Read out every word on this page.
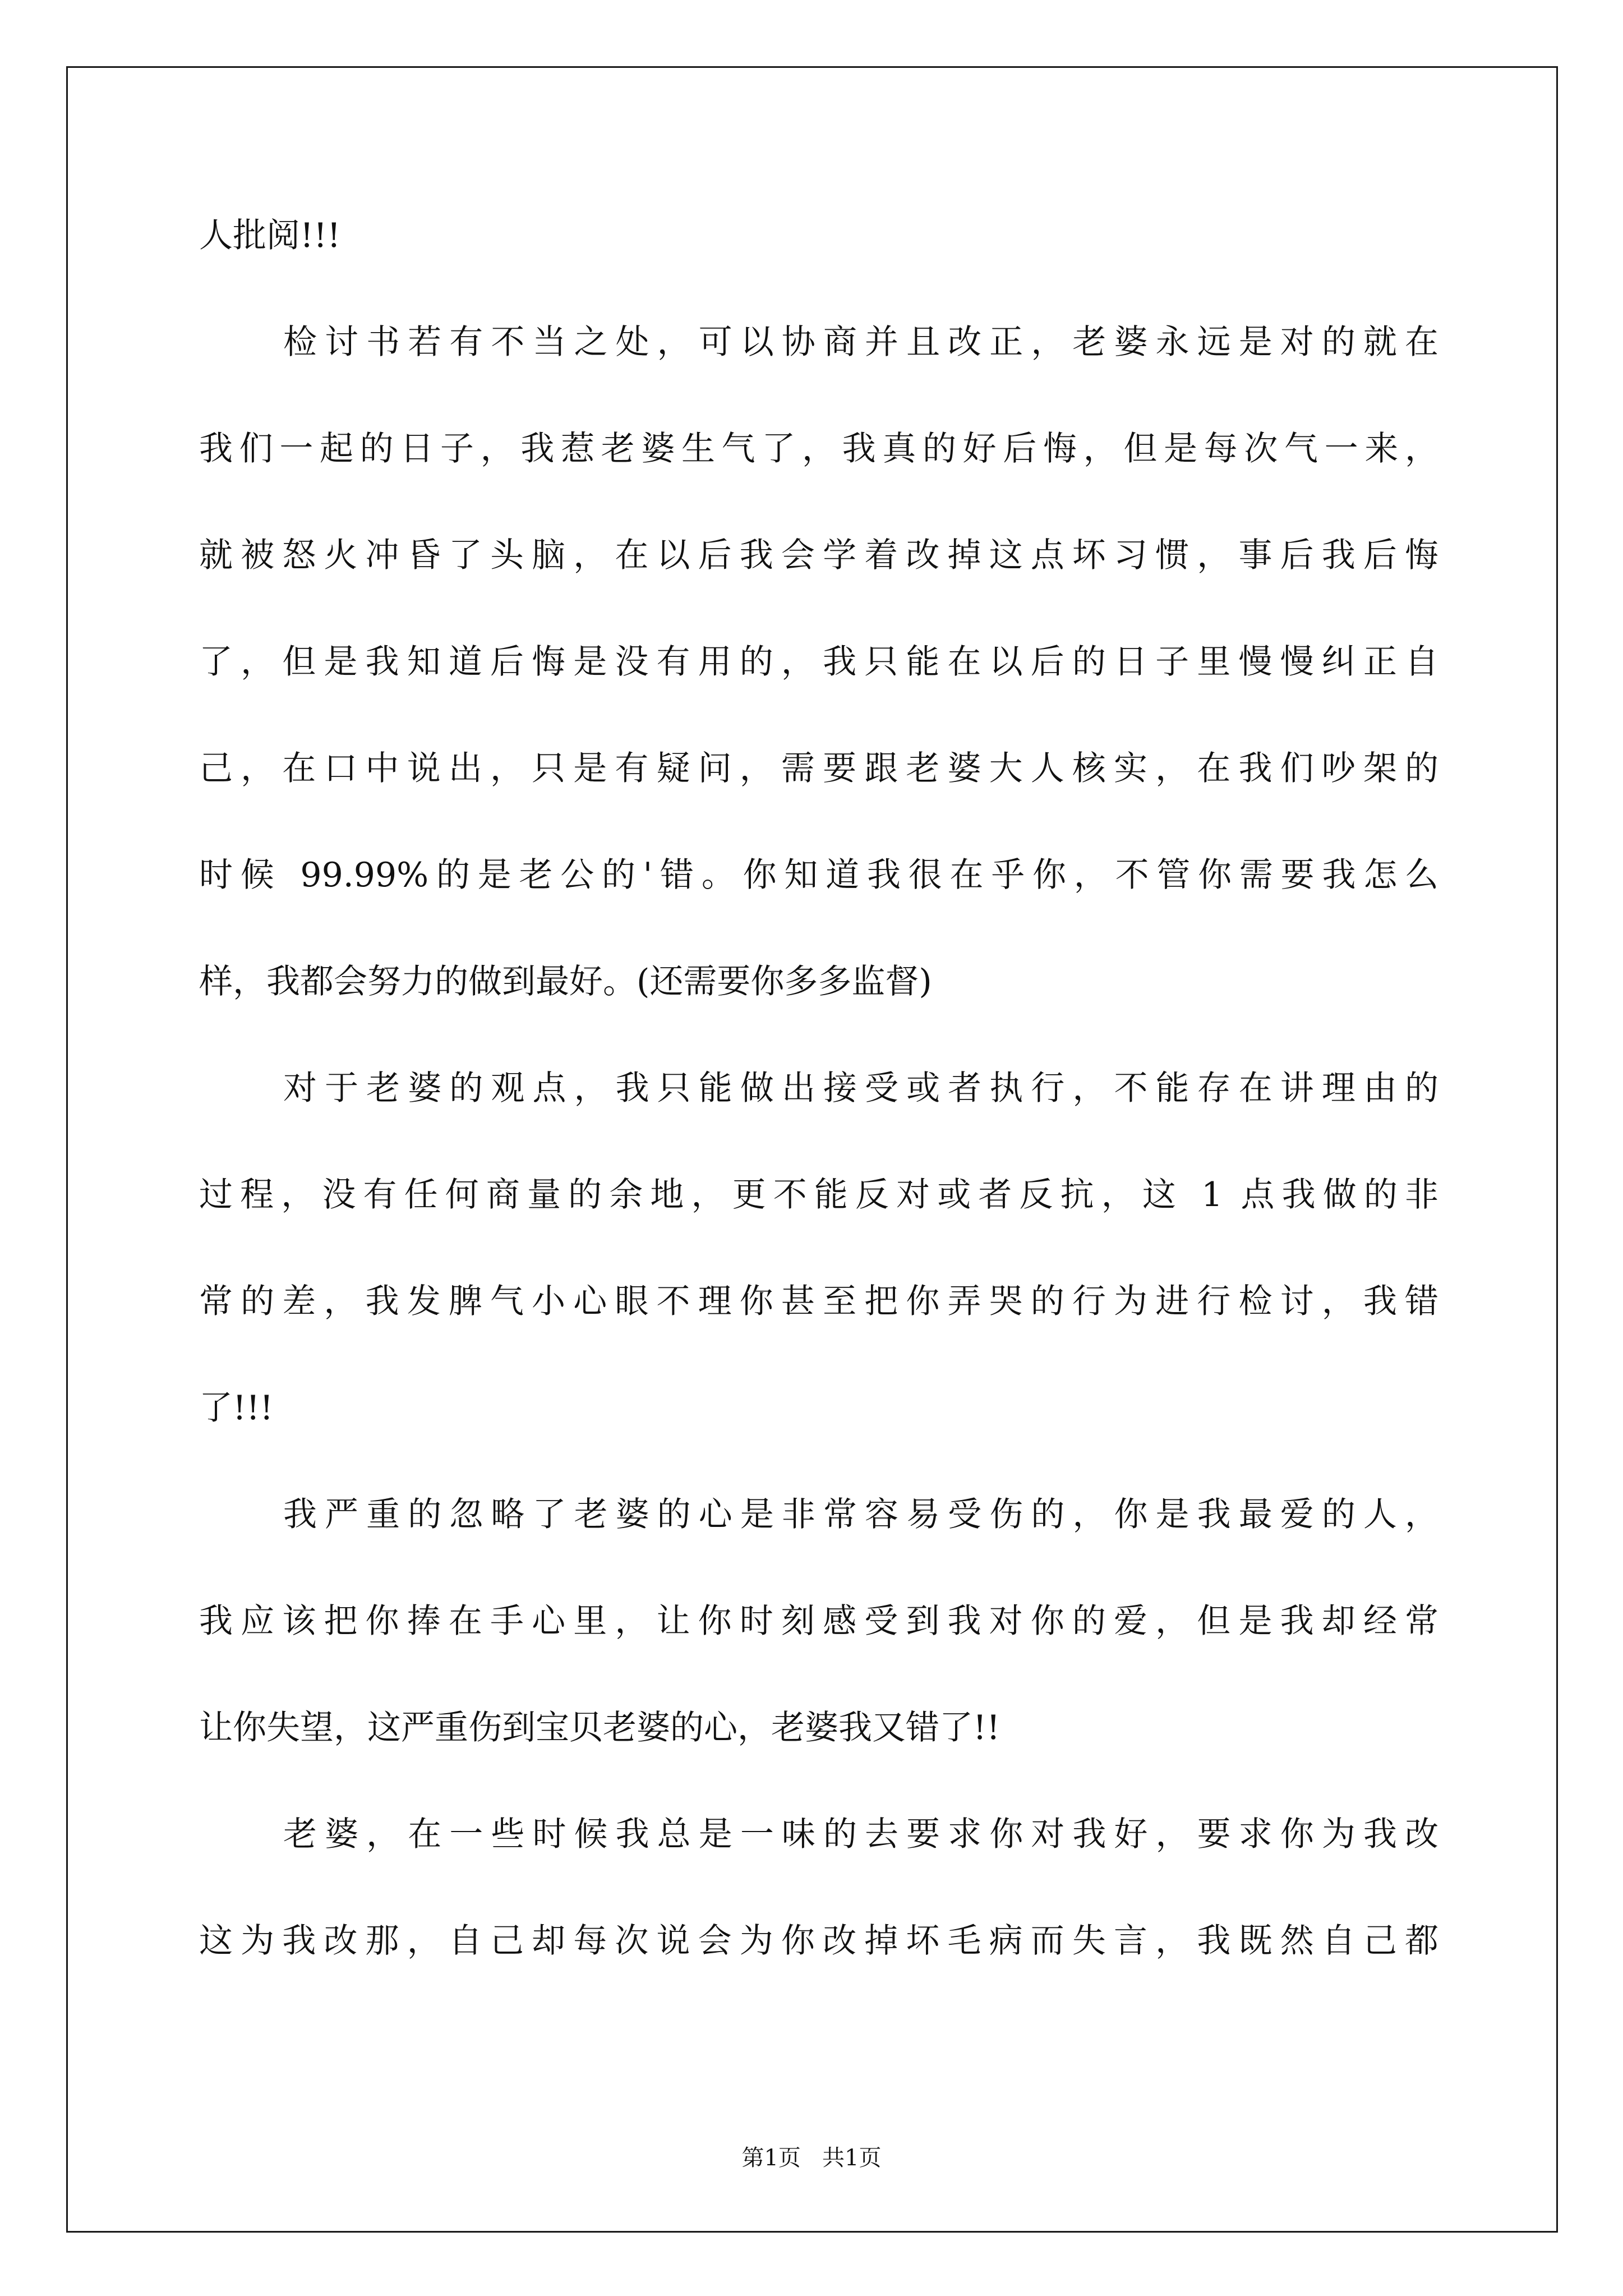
人批阅!!!

检讨书若有不当之处，可以协商并且改正，老婆永远是对的就在

我们一起的日子，我惹老婆生气了，我真的好后悔，但是每次气一来，

就被怒火冲昏了头脑，在以后我会学着改掉这点坏习惯，事后我后悔

了，但是我知道后悔是没有用的，我只能在以后的日子里慢慢纠正自

己，在口中说出，只是有疑问，需要跟老婆大人核实，在我们吵架的

时候 99.99%的是老公的'错。你知道我很在乎你，不管你需要我怎么

样，我都会努力的做到最好。(还需要你多多监督)

对于老婆的观点，我只能做出接受或者执行，不能存在讲理由的

过程，没有任何商量的余地，更不能反对或者反抗，这 1 点我做的非

常的差，我发脾气小心眼不理你甚至把你弄哭的行为进行检讨，我错

了!!!

我严重的忽略了老婆的心是非常容易受伤的，你是我最爱的人，

我应该把你捧在手心里，让你时刻感受到我对你的爱，但是我却经常

让你失望，这严重伤到宝贝老婆的心，老婆我又错了!!

老婆，在一些时候我总是一味的去要求你对我好，要求你为我改

这为我改那，自己却每次说会为你改掉坏毛病而失言，我既然自己都

第1页   共1页
